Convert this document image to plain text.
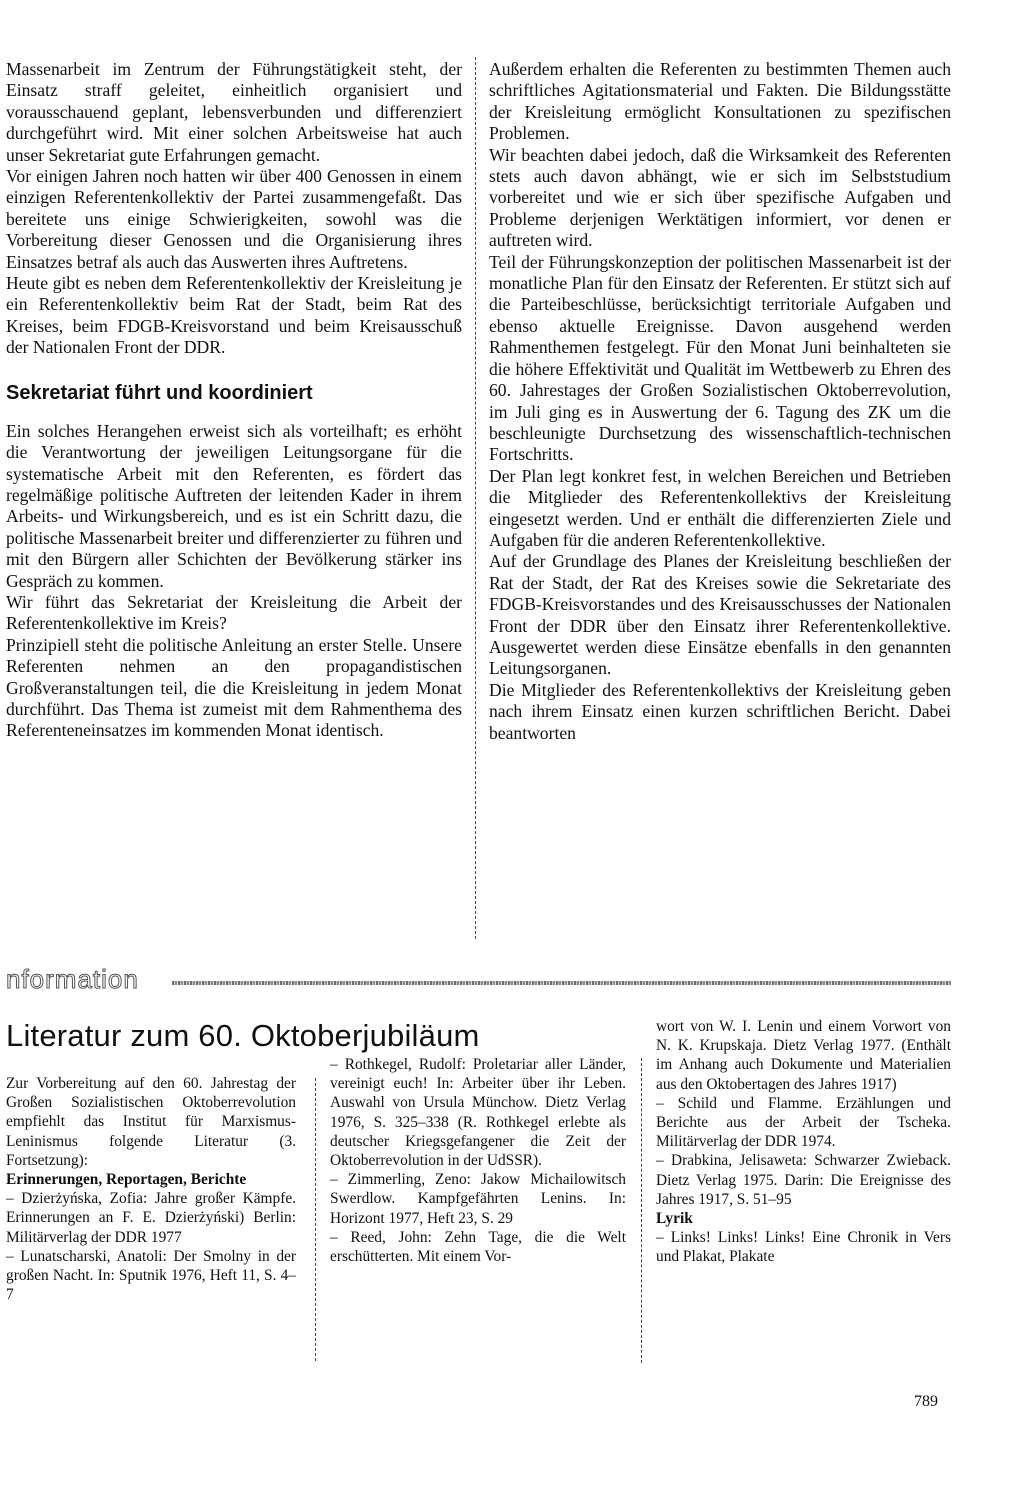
Massenarbeit im Zentrum der Führungstätigkeit steht, der Einsatz straff geleitet, einheitlich organisiert und vorausschauend geplant, lebensverbunden und differenziert durchgeführt wird. Mit einer solchen Arbeitsweise hat auch unser Sekretariat gute Erfahrungen gemacht.

Vor einigen Jahren noch hatten wir über 400 Genossen in einem einzigen Referentenkollektiv der Partei zusammengefaßt. Das bereitete uns einige Schwierigkeiten, sowohl was die Vorbereitung dieser Genossen und die Organisierung ihres Einsatzes betraf als auch das Auswerten ihres Auftretens.

Heute gibt es neben dem Referentenkollektiv der Kreisleitung je ein Referentenkollektiv beim Rat der Stadt, beim Rat des Kreises, beim FDGB-Kreisvorstand und beim Kreisausschuß der Nationalen Front der DDR.

Sekretariat führt und koordiniert

Ein solches Herangehen erweist sich als vorteilhaft; es erhöht die Verantwortung der jeweiligen Leitungsorgane für die systematische Arbeit mit den Referenten, es fördert das regelmäßige politische Auftreten der leitenden Kader in ihrem Arbeits- und Wirkungsbereich, und es ist ein Schritt dazu, die politische Massenarbeit breiter und differenzierter zu führen und mit den Bürgern aller Schichten der Bevölkerung stärker ins Gespräch zu kommen.

Wir führt das Sekretariat der Kreisleitung die Arbeit der Referentenkollektive im Kreis?

Prinzipiell steht die politische Anleitung an erster Stelle. Unsere Referenten nehmen an den propagandistischen Großveranstaltungen teil, die die Kreisleitung in jedem Monat durchführt. Das Thema ist zumeist mit dem Rahmenthema des Referenteneinsatzes im kommenden Monat identisch.

Außerdem erhalten die Referenten zu bestimmten Themen auch schriftliches Agitationsmaterial und Fakten. Die Bildungsstätte der Kreisleitung ermöglicht Konsultationen zu spezifischen Problemen.

Wir beachten dabei jedoch, daß die Wirksamkeit des Referenten stets auch davon abhängt, wie er sich im Selbststudium vorbereitet und wie er sich über spezifische Aufgaben und Probleme derjenigen Werktätigen informiert, vor denen er auftreten wird.

Teil der Führungskonzeption der politischen Massenarbeit ist der monatliche Plan für den Einsatz der Referenten. Er stützt sich auf die Parteibeschlüsse, berücksichtigt territoriale Aufgaben und ebenso aktuelle Ereignisse. Davon ausgehend werden Rahmenthemen festgelegt. Für den Monat Juni beinhalteten sie die höhere Effektivität und Qualität im Wettbewerb zu Ehren des 60. Jahrestages der Großen Sozialistischen Oktoberrevolution, im Juli ging es in Auswertung der 6. Tagung des ZK um die beschleunigte Durchsetzung des wissenschaftlich-technischen Fortschritts.

Der Plan legt konkret fest, in welchen Bereichen und Betrieben die Mitglieder des Referentenkollektivs der Kreisleitung eingesetzt werden. Und er enthält die differenzierten Ziele und Aufgaben für die anderen Referentenkollektive.

Auf der Grundlage des Planes der Kreisleitung beschließen der Rat der Stadt, der Rat des Kreises sowie die Sekretariate des FDGB-Kreisvorstandes und des Kreisausschusses der Nationalen Front der DDR über den Einsatz ihrer Referentenkollektive. Ausgewertet werden diese Einsätze ebenfalls in den genannten Leitungsorganen.

Die Mitglieder des Referentenkollektivs der Kreisleitung geben nach ihrem Einsatz einen kurzen schriftlichen Bericht. Dabei beantworten

nformation
Literatur zum 60. Oktoberjubiläum

Zur Vorbereitung auf den 60. Jahrestag der Großen Sozialistischen Oktoberrevolution empfiehlt das Institut für Marxismus-Leninismus folgende Literatur (3. Fortsetzung):

Erinnerungen, Reportagen, Berichte

– Dzierżyńska, Zofia: Jahre großer Kämpfe. Erinnerungen an F. E. Dzierżyński) Berlin: Militärverlag der DDR 1977

– Lunatscharski, Anatoli: Der Smolny in der großen Nacht. In: Sputnik 1976, Heft 11, S. 4–7

– Rothkegel, Rudolf: Proletariar aller Länder, vereinigt euch! In: Arbeiter über ihr Leben. Auswahl von Ursula Münchow. Dietz Verlag 1976, S. 325–338 (R. Rothkegel erlebte als deutscher Kriegsgefangener die Zeit der Oktoberrevolution in der UdSSR).

– Zimmerling, Zeno: Jakow Michailowitsch Swerdlow. Kampfgefährten Lenins. In: Horizont 1977, Heft 23, S. 29

– Reed, John: Zehn Tage, die die Welt erschütterten. Mit einem Vor-

wort von W. I. Lenin und einem Vorwort von N. K. Krupskaja. Dietz Verlag 1977. (Enthält im Anhang auch Dokumente und Materialien aus den Oktobertagen des Jahres 1917)

– Schild und Flamme. Erzählungen und Berichte aus der Arbeit der Tscheka. Militärverlag der DDR 1974.

– Drabkina, Jelisaweta: Schwarzer Zwieback. Dietz Verlag 1975. Darin: Die Ereignisse des Jahres 1917, S. 51–95

Lyrik

– Links! Links! Links! Eine Chronik in Vers und Plakat, Plakate

789
